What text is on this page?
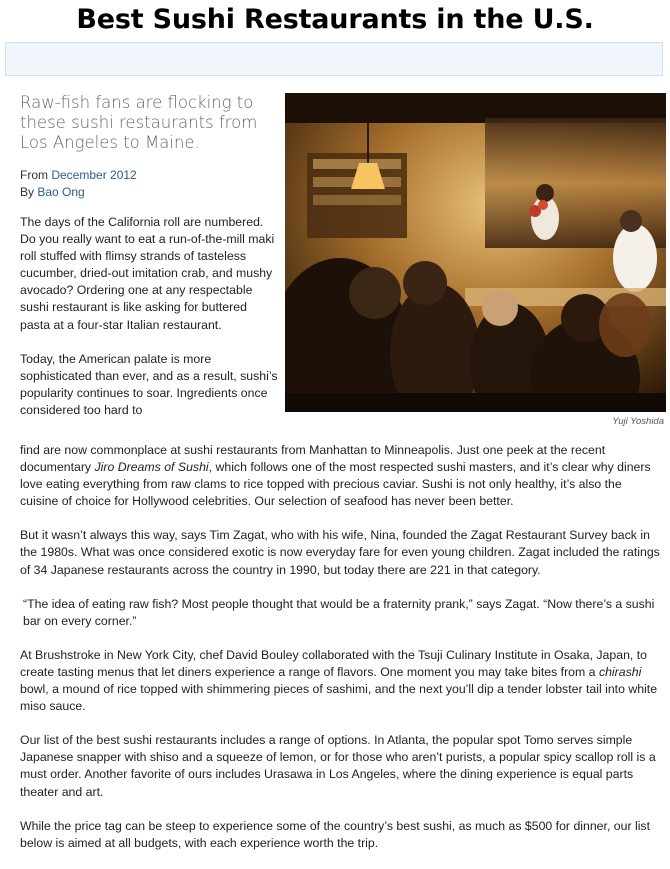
Best Sushi Restaurants in the U.S.
Raw-fish fans are flocking to these sushi restaurants from Los Angeles to Maine.
From December 2012
By Bao Ong
Yuji Yoshida

The days of the California roll are numbered. Do you really want to eat a run-of-the-mill maki roll stuffed with flimsy strands of tasteless cucumber, dried-out imitation crab, and mushy avocado? Ordering one at any respectable sushi restaurant is like asking for buttered pasta at a four-star Italian restaurant.

Today, the American palate is more sophisticated than ever, and as a result, sushi’s popularity continues to soar. Ingredients once considered too hard to

find are now commonplace at sushi restaurants from Manhattan to Minneapolis. Just one peek at the recent documentary Jiro Dreams of Sushi, which follows one of the most respected sushi masters, and it’s clear why diners love eating everything from raw clams to rice topped with precious caviar. Sushi is not only healthy, it’s also the cuisine of choice for Hollywood celebrities. Our selection of seafood has never been better.

But it wasn’t always this way, says Tim Zagat, who with his wife, Nina, founded the Zagat Restaurant Survey back in the 1980s. What was once considered exotic is now everyday fare for even young children. Zagat included the ratings of 34 Japanese restaurants across the country in 1990, but today there are 221 in that category.

“The idea of eating raw fish? Most people thought that would be a fraternity prank,” says Zagat. “Now there’s a sushi bar on every corner.”

At Brushstroke in New York City, chef David Bouley collaborated with the Tsuji Culinary Institute in Osaka, Japan, to create tasting menus that let diners experience a range of flavors. One moment you may take bites from a chirashi bowl, a mound of rice topped with shimmering pieces of sashimi, and the next you’ll dip a tender lobster tail into white miso sauce.

Our list of the best sushi restaurants includes a range of options. In Atlanta, the popular spot Tomo serves simple Japanese snapper with shiso and a squeeze of lemon, or for those who aren’t purists, a popular spicy scallop roll is a must order. Another favorite of ours includes Urasawa in Los Angeles, where the dining experience is equal parts theater and art.

While the price tag can be steep to experience some of the country’s best sushi, as much as $500 for dinner, our list below is aimed at all budgets, with each experience worth the trip.
